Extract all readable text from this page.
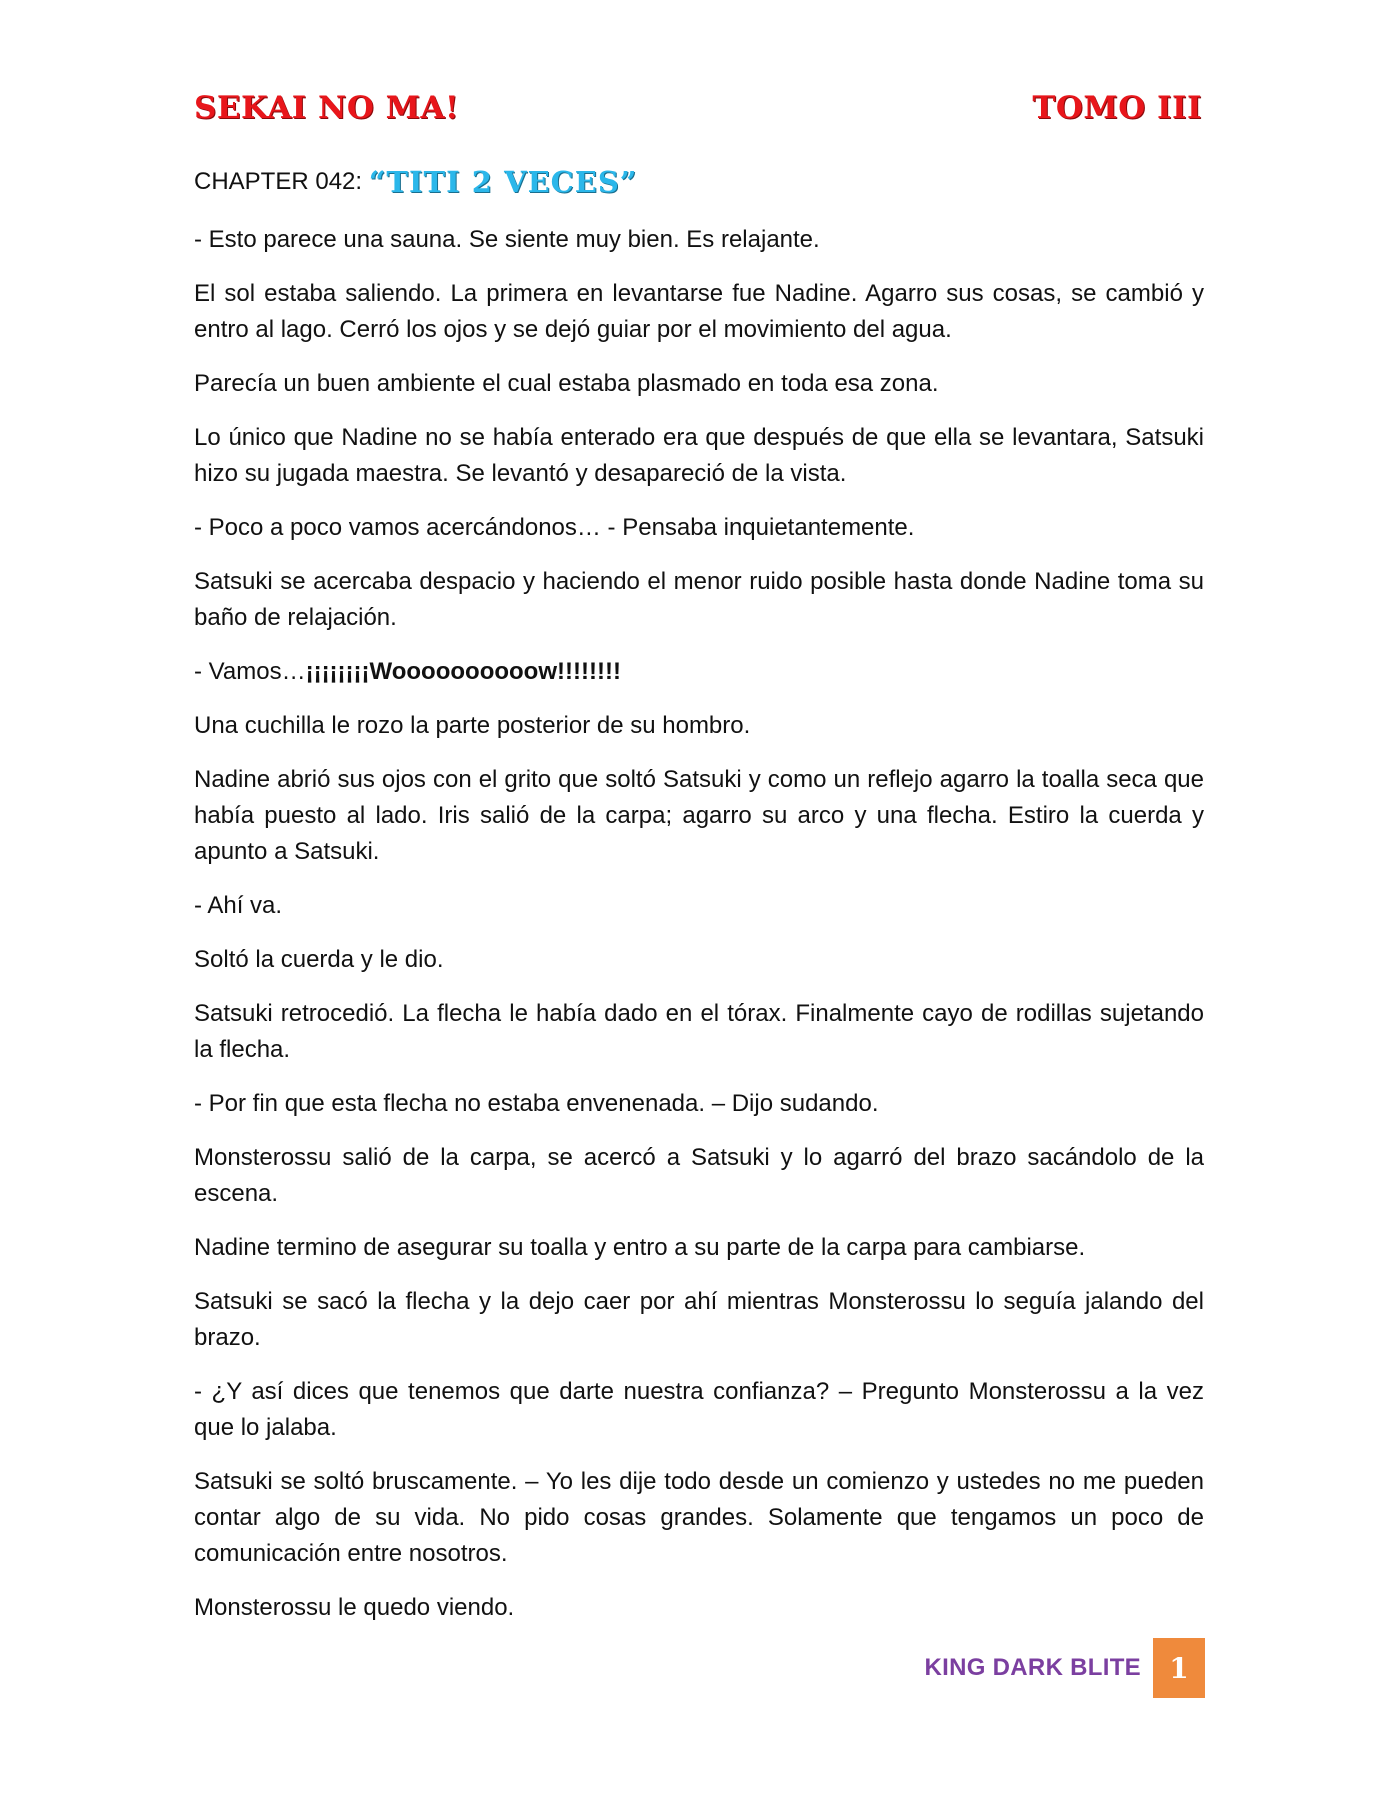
SEKAI NO MA!	TOMO III
CHAPTER 042: “TITI 2 VECES”

- Esto parece una sauna. Se siente muy bien. Es relajante.

El sol estaba saliendo. La primera en levantarse fue Nadine. Agarro sus cosas, se cambió y entro al lago. Cerró los ojos y se dejó guiar por el movimiento del agua.

Parecía un buen ambiente el cual estaba plasmado en toda esa zona.

Lo único que Nadine no se había enterado era que después de que ella se levantara, Satsuki hizo su jugada maestra. Se levantó y desapareció de la vista.

- Poco a poco vamos acercándonos… - Pensaba inquietantemente.

Satsuki se acercaba despacio y haciendo el menor ruido posible hasta donde Nadine toma su baño de relajación.

- Vamos…¡¡¡¡¡¡¡¡Woooooooooow!!!!!!!!

Una cuchilla le rozo la parte posterior de su hombro.

Nadine abrió sus ojos con el grito que soltó Satsuki y como un reflejo agarro la toalla seca que había puesto al lado. Iris salió de la carpa; agarro su arco y una flecha. Estiro la cuerda y apunto a Satsuki.

- Ahí va.

Soltó la cuerda y le dio.

Satsuki retrocedió. La flecha le había dado en el tórax. Finalmente cayo de rodillas sujetando la flecha.

- Por fin que esta flecha no estaba envenenada. – Dijo sudando.

Monsterossu salió de la carpa, se acercó a Satsuki y lo agarró del brazo sacándolo de la escena.

Nadine termino de asegurar su toalla y entro a su parte de la carpa para cambiarse.

Satsuki se sacó la flecha y la dejo caer por ahí mientras Monsterossu lo seguía jalando del brazo.

- ¿Y así dices que tenemos que darte nuestra confianza? – Pregunto Monsterossu a la vez que lo jalaba.

Satsuki se soltó bruscamente. – Yo les dije todo desde un comienzo y ustedes no me pueden contar algo de su vida. No pido cosas grandes. Solamente que tengamos un poco de comunicación entre nosotros.

Monsterossu le quedo viendo.

KING DARK BLITE	1
